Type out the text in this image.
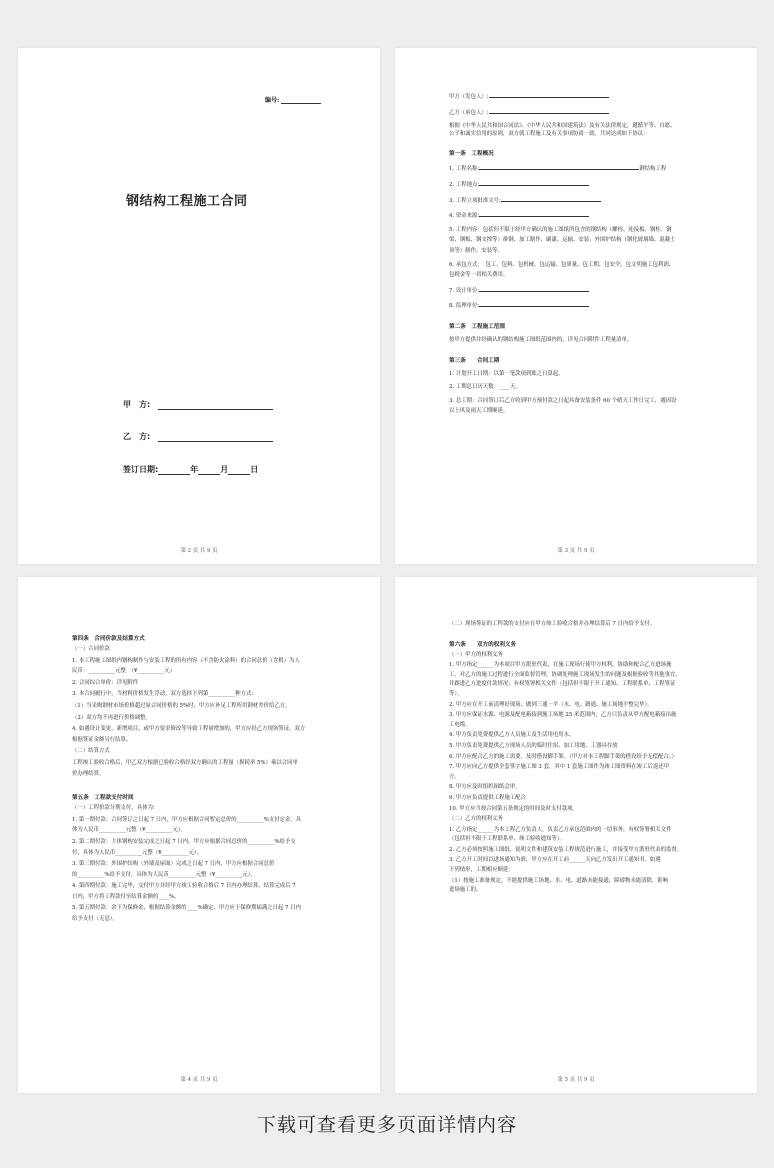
编号:
钢结构工程施工合同
甲　方:
乙　方:
签订日期:	年	月	日
第 2 页 共 9 页

甲方（发包人）:

乙方（承包人）:

根据《中华人民共和国合同法》、《中华人民共和国建筑法》及有关法律规定，遵循平等、自愿、

公平和诚实信用的原则，双方就工程施工及有关事项协商一致，共同达成如下协议：

第一条　工程概况

1. 工程名称:	钢结构工程

2. 工程地点:

3. 工程立项批准文号:

4. 资金来源:

5. 工程内容：包括但不限于经甲方确认的施工图纸所包含的钢结构（螺栓、连接板、钢柱、钢

梁、钢板、钢支撑等）排钢、加工制作、刷漆、运输、安装；外围护结构（钢化玻璃墙、混凝土

顶等）制作、安装等。

6. 承包方式：　包工、包料、包机械、包运输、包质量、包工期、包安全、包文明施工包利润、

包税金等一切相关费用。

7. 设计单位:

8. 监理单位:

第二条　工程施工范围

按甲方提供并经确认的钢结构施工图纸范围内的，详见合同附件工程量清单。

第三条　　合同工期

1. 计划开工日期：以第一笔款项到账之日算起。

2. 工期总日历天数：____天。

3. 总工期：合同签订后乙方收到甲方预付款之日起具备安装条件 60 个晴天工作日完工，遇因设

以上风及雨天工期顺延。

第 3 页 共 9 页

第四条　合同价款及结算方式

（一）合同价款

1. 本工程施工图纸内钢构制作与安装工程的所有内容（不含防火涂料）的合同总价（含税）为人

民币：__________元整　（¥__________元）

2. 合同综合单价：详见附件

3. 本合同履行中，当材料价格发生浮动，双方选择下列第__________种方式:

（1）当采购钢材市场价格超过原合同价格的 5%时，甲方应补足工程所用钢材差价给乙方。

（2）双方均不再进行价格调整。

4. 如遇设计变更、新增项目、或甲方要求修改等导致工程量增加的，甲方应经乙方现场签证，双方

根据签证金额另行结算。

（二）结算方式

工程竣工验收合格后，甲乙双方根据已验收合格经双方确认的工程量（损耗率 5%）乘以合同单

价办理结算。

第五条　工程款支付时间

（一）工程价款分期支付，具体为:

1. 第一期付款：合同签订之日起 7 日内，甲方应根据合同暂定总价的__________%支付定金，具

体为人民币__________元整（¥__________元）。

2. 第二期付款：主体钢构安装完成之日起 7 日内，甲方应根据合同总价的__________%给予支

付，具体为人民币__________元整（¥__________元）。

3. 第三期付款：外围护结构（外墙及屋面）完成之日起 7 日内，甲方应根据合同总价

的__________%给予支付，具体为人民币__________元整（¥__________元）。

4. 第四期付款：施工完毕，交付甲方并经甲方竣工验收合格后 7 日内办理结算，结算完成后 7

日内，甲方将工程款付至结算金额的____%。

5. 第五期付款：余下为保修金，根据结算金额的____%确定，甲方应于保修期届满之日起 7 日内

给予支付（无息）。

第 4 页 共 9 页

（二）现场签证的工程款的支付应在甲方竣工验收合格并办理结算后 7 日内给予支付。

第六条　　双方的权利义务

（一）甲方的权利义务

1. 甲方指定______为本项目甲方派驻代表，在施工现场行使甲方权利，协助和配合乙方进场施

工，对乙方的施工过程进行全面监督管理，协调处理施工现场发生的问题及根据验收等其他事宜，

并跟进乙方进度付款情况；有权签署相关文件（包括但不限于开工通知、工程联系单、工程签证

等）。

2. 甲方应在开工前清理好现场，做到三通一平（水、电、路通、施工场地平整完毕）。

3. 甲方应保证水源、电源及配电箱接到施工场地 25 米范围内，乙方只负责从甲方配电箱接出施

工电缆。

4. 甲方负责免费提供乙方人员施工及生活用电用水。

5. 甲方负责免费提供乙方现场人员的临时住宿、加工用地、工器具存放

6. 甲方应配合乙方的施工需要，及时搭设脚手架。（甲方对本工程脚手架的搭设给予无偿配合。）

7. 甲方应向乙方提供全套签字施工图 3 套，其中 1 套施工图作为竣工图资料在竣工后返还甲

方。

8. 甲方应及时组织图纸会审。

9. 甲方应负责提供工程施工配合

10. 甲方应当按合同第五条规定的时间及时支付款项。

（二）乙方的权利义务

1. 乙方指定______为本工程乙方负责人，负责乙方承包范围内的一切事务，有权签署相关文件

（包括但不限于工程联系单、竣工验收通知等）。

2. 乙方必须按照施工图纸、说明文件和建筑安装工程规范进行施工，并接受甲方派驻代表的监督。

3. 乙方开工时间以进场通知为准，甲方应在开工前______天向乙方发出开工通知书。如遇

下列情形，工期相应顺延：

（1）按施工准备规定，不能提供施工场地、水、电、道路未能接通，障碍物未能清除，影响

进场施工的。

第 5 页 共 9 页
下载可查看更多页面详情内容
